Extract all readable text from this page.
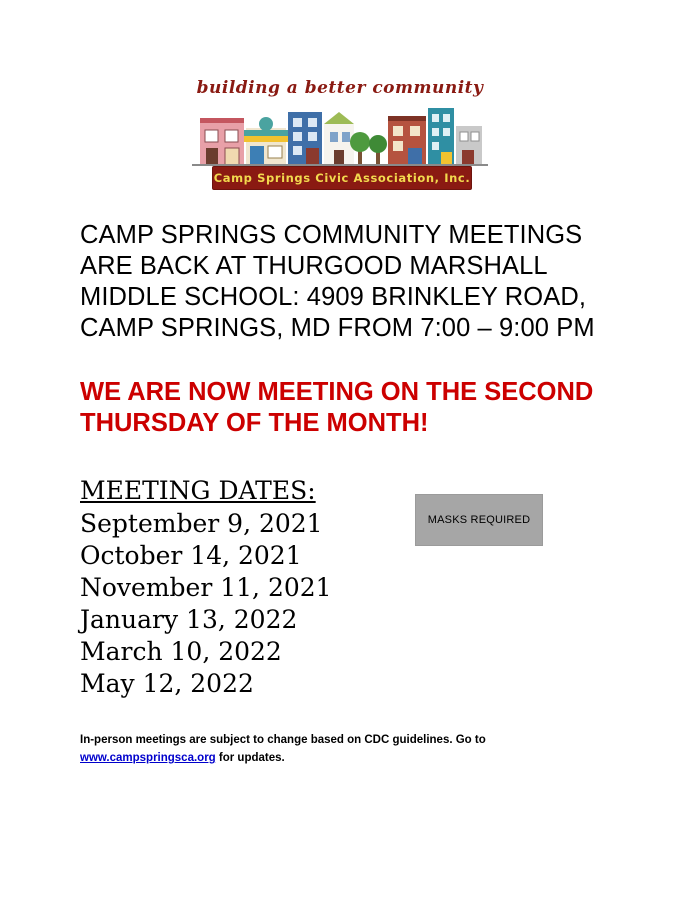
building a better community
Camp Springs Civic Association, Inc.
CAMP SPRINGS COMMUNITY MEETINGS ARE BACK AT THURGOOD MARSHALL MIDDLE SCHOOL: 4909 BRINKLEY ROAD, CAMP SPRINGS, MD FROM 7:00 – 9:00 PM
WE ARE NOW MEETING ON THE SECOND THURSDAY OF THE MONTH!
MEETING DATES:
September 9, 2021
October 14, 2021
November 11, 2021
January 13, 2022
March 10, 2022
May 12, 2022
MASKS REQUIRED
In-person meetings are subject to change based on CDC guidelines. Go to
www.campspringsca.org for updates.
